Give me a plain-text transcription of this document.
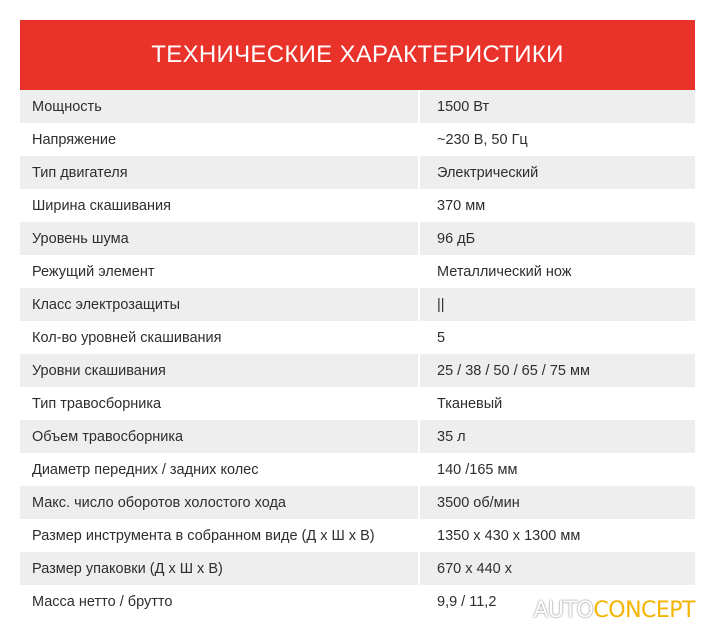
ТЕХНИЧЕСКИЕ ХАРАКТЕРИСТИКИ
Мощность	1500 Вт
Напряжение	~230 В, 50 Гц
Тип двигателя	Электрический
Ширина скашивания	370 мм
Уровень шума	96 дБ
Режущий элемент	Металлический нож
Класс электрозащиты	||
Кол-во уровней скашивания	5
Уровни скашивания	25 / 38 / 50 / 65 / 75 мм
Тип травосборника	Тканевый
Объем травосборника	35 л
Диаметр передних / задних колес	140 /165 мм
Макс. число оборотов холостого хода	3500 об/мин
Размер инструмента в собранном виде (Д х Ш х В)	1350 х 430 х 1300 мм
Размер упаковки (Д х Ш х В)	670 х 440 х
Масса нетто / брутто	9,9 / 11,2	AUTO CONCEPT
